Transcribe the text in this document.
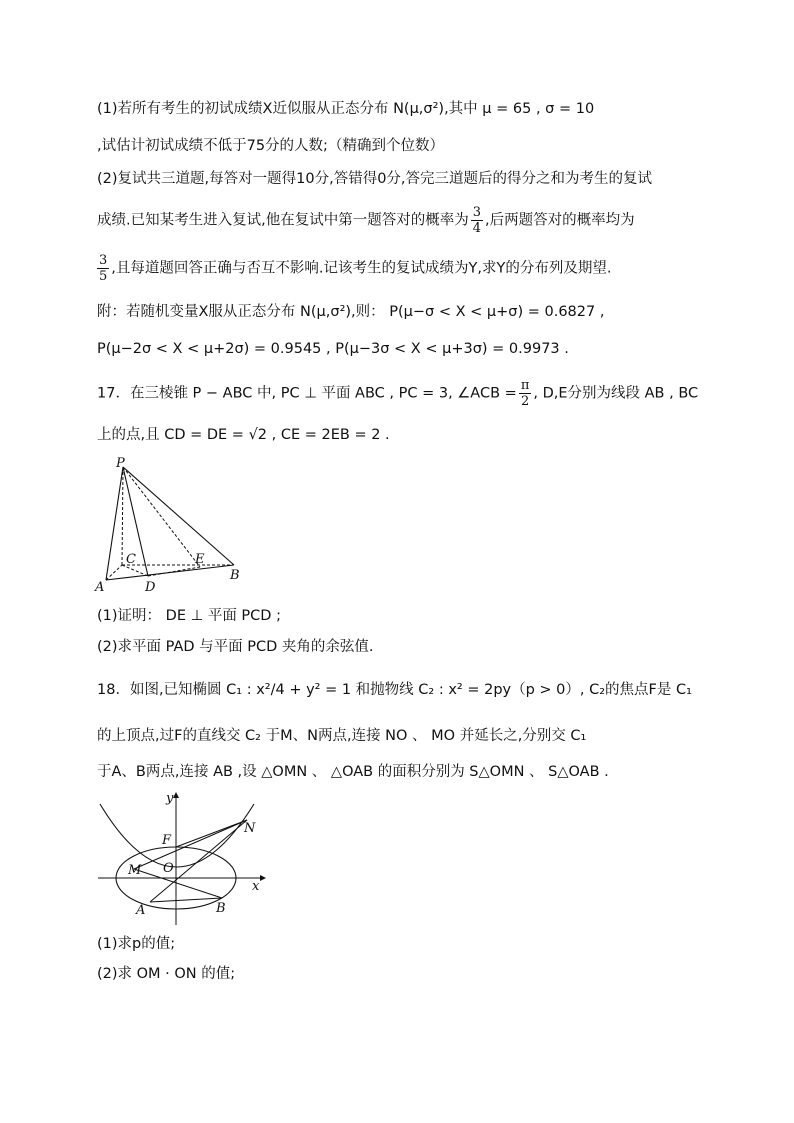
(1)若所有考生的初试成绩X近似服从正态分布 N(μ,σ²),其中 μ = 65 , σ = 10
,试估计初试成绩不低于75分的人数;（精确到个位数）
(2)复试共三道题,每答对一题得10分,答错得0分,答完三道题后的得分之和为考生的复试
成绩.已知某考生进入复试,他在复试中第一题答对的概率为 $\frac{3}{4}$ ,后两题答对的概率均为
$\frac{3}{5}$ ,且每道题回答正确与否互不影响.记该考生的复试成绩为Y,求Y的分布列及期望.
附：若随机变量X服从正态分布 N(μ,σ²),则： P(μ−σ < X < μ+σ) = 0.6827 ,
P(μ−2σ < X < μ+2σ) = 0.9545 , P(μ−3σ < X < μ+3σ) = 0.9973 .
17．在三棱锥 P − ABC 中, PC ⊥ 平面 ABC , PC = 3, ∠ACB = $\frac{\pi}{2}$ , D,E分别为线段 AB , BC
上的点,且 CD = DE = √2 , CE = 2EB = 2 .
P
C	E
A	D
B
(1)证明： DE ⊥ 平面 PCD ;
(2)求平面 PAD 与平面 PCD 夹角的余弦值.
18．如图,已知椭圆 C₁ : x²/4 + y² = 1 和抛物线 C₂ : x² = 2py（p > 0）, C₂的焦点F是 C₁
的上顶点,过F的直线交 C₂ 于M、N两点,连接 NO 、 MO 并延长之,分别交 C₁
于A、B两点,连接 AB ,设 △OMN 、 △OAB 的面积分别为 S△OMN 、 S△OAB .
y
x
F
N
O
M
A	B
(1)求p的值;
(2)求 OM · ON 的值;
